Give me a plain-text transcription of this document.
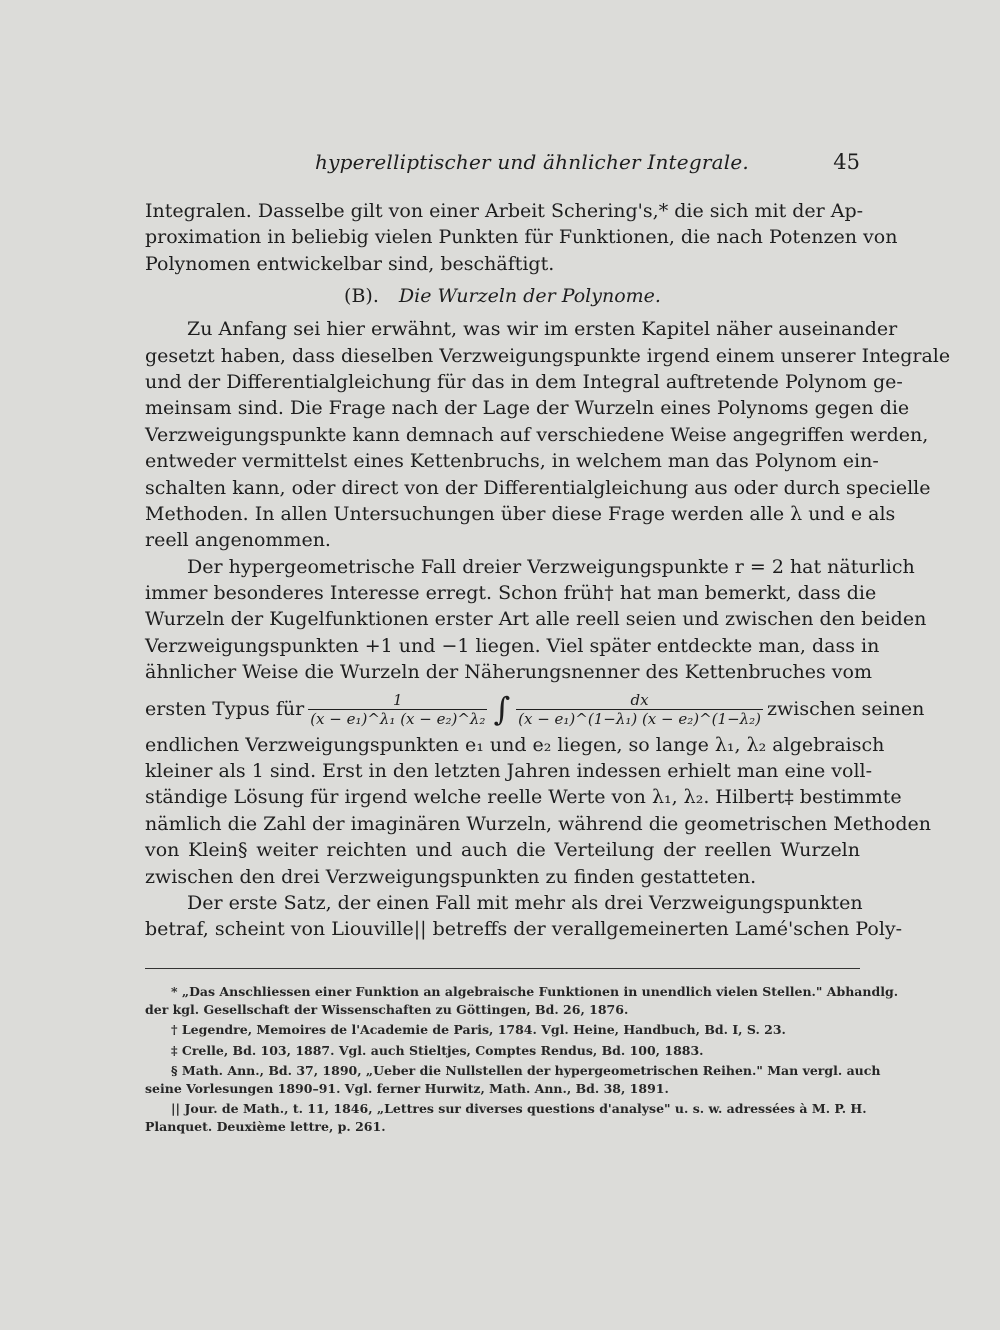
hyperelliptischer und ähnlicher Integrale.	45
Integralen. Dasselbe gilt von einer Arbeit Schering's,* die sich mit der Ap-
proximation in beliebig vielen Punkten für Funktionen, die nach Potenzen von
Polynomen entwickelbar sind, beschäftigt.
(B). Die Wurzeln der Polynome.
Zu Anfang sei hier erwähnt, was wir im ersten Kapitel näher auseinander
gesetzt haben, dass dieselben Verzweigungspunkte irgend einem unserer Integrale
und der Differentialgleichung für das in dem Integral auftretende Polynom ge-
meinsam sind. Die Frage nach der Lage der Wurzeln eines Polynoms gegen die
Verzweigungspunkte kann demnach auf verschiedene Weise angegriffen werden,
entweder vermittelst eines Kettenbruchs, in welchem man das Polynom ein-
schalten kann, oder direct von der Differentialgleichung aus oder durch specielle
Methoden. In allen Untersuchungen über diese Frage werden alle λ und e als
reell angenommen.
Der hypergeometrische Fall dreier Verzweigungspunkte r = 2 hat näturlich
immer besonderes Interesse erregt. Schon früh† hat man bemerkt, dass die
Wurzeln der Kugelfunktionen erster Art alle reell seien und zwischen den beiden
Verzweigungspunkten +1 und −1 liegen. Viel später entdeckte man, dass in
ähnlicher Weise die Wurzeln der Näherungsnenner des Kettenbruches vom
ersten Typus für $\frac{1}{\text{(x − e₁)\textasciicircum{}λ₁ (x − e₂)\textasciicircum{}λ₂}}$ ∫ $\frac{dx}{\text{(x − e₁)\textasciicircum{}(1−λ₁) (x − e₂)\textasciicircum{}(1−λ₂)}}$ zwischen seinen
endlichen Verzweigungspunkten e₁ und e₂ liegen, so lange λ₁, λ₂ algebraisch
kleiner als 1 sind. Erst in den letzten Jahren indessen erhielt man eine voll-
ständige Lösung für irgend welche reelle Werte von λ₁, λ₂. Hilbert‡ bestimmte
nämlich die Zahl der imaginären Wurzeln, während die geometrischen Methoden
von Klein§ weiter reichten und auch die Verteilung der reellen Wurzeln
zwischen den drei Verzweigungspunkten zu finden gestatteten.
Der erste Satz, der einen Fall mit mehr als drei Verzweigungspunkten
betraf, scheint von Liouville|| betreffs der verallgemeinerten Lamé'schen Poly-
* „Das Anschliessen einer Funktion an algebraische Funktionen in unendlich vielen Stellen." Abhandlg.
der kgl. Gesellschaft der Wissenschaften zu Göttingen, Bd. 26, 1876.
† Legendre, Memoires de l'Academie de Paris, 1784. Vgl. Heine, Handbuch, Bd. I, S. 23.
‡ Crelle, Bd. 103, 1887. Vgl. auch Stieltjes, Comptes Rendus, Bd. 100, 1883.
§ Math. Ann., Bd. 37, 1890, „Ueber die Nullstellen der hypergeometrischen Reihen." Man vergl. auch
seine Vorlesungen 1890–91. Vgl. ferner Hurwitz, Math. Ann., Bd. 38, 1891.
|| Jour. de Math., t. 11, 1846, „Lettres sur diverses questions d'analyse" u. s. w. adressées à M. P. H.
Planquet. Deuxième lettre, p. 261.
